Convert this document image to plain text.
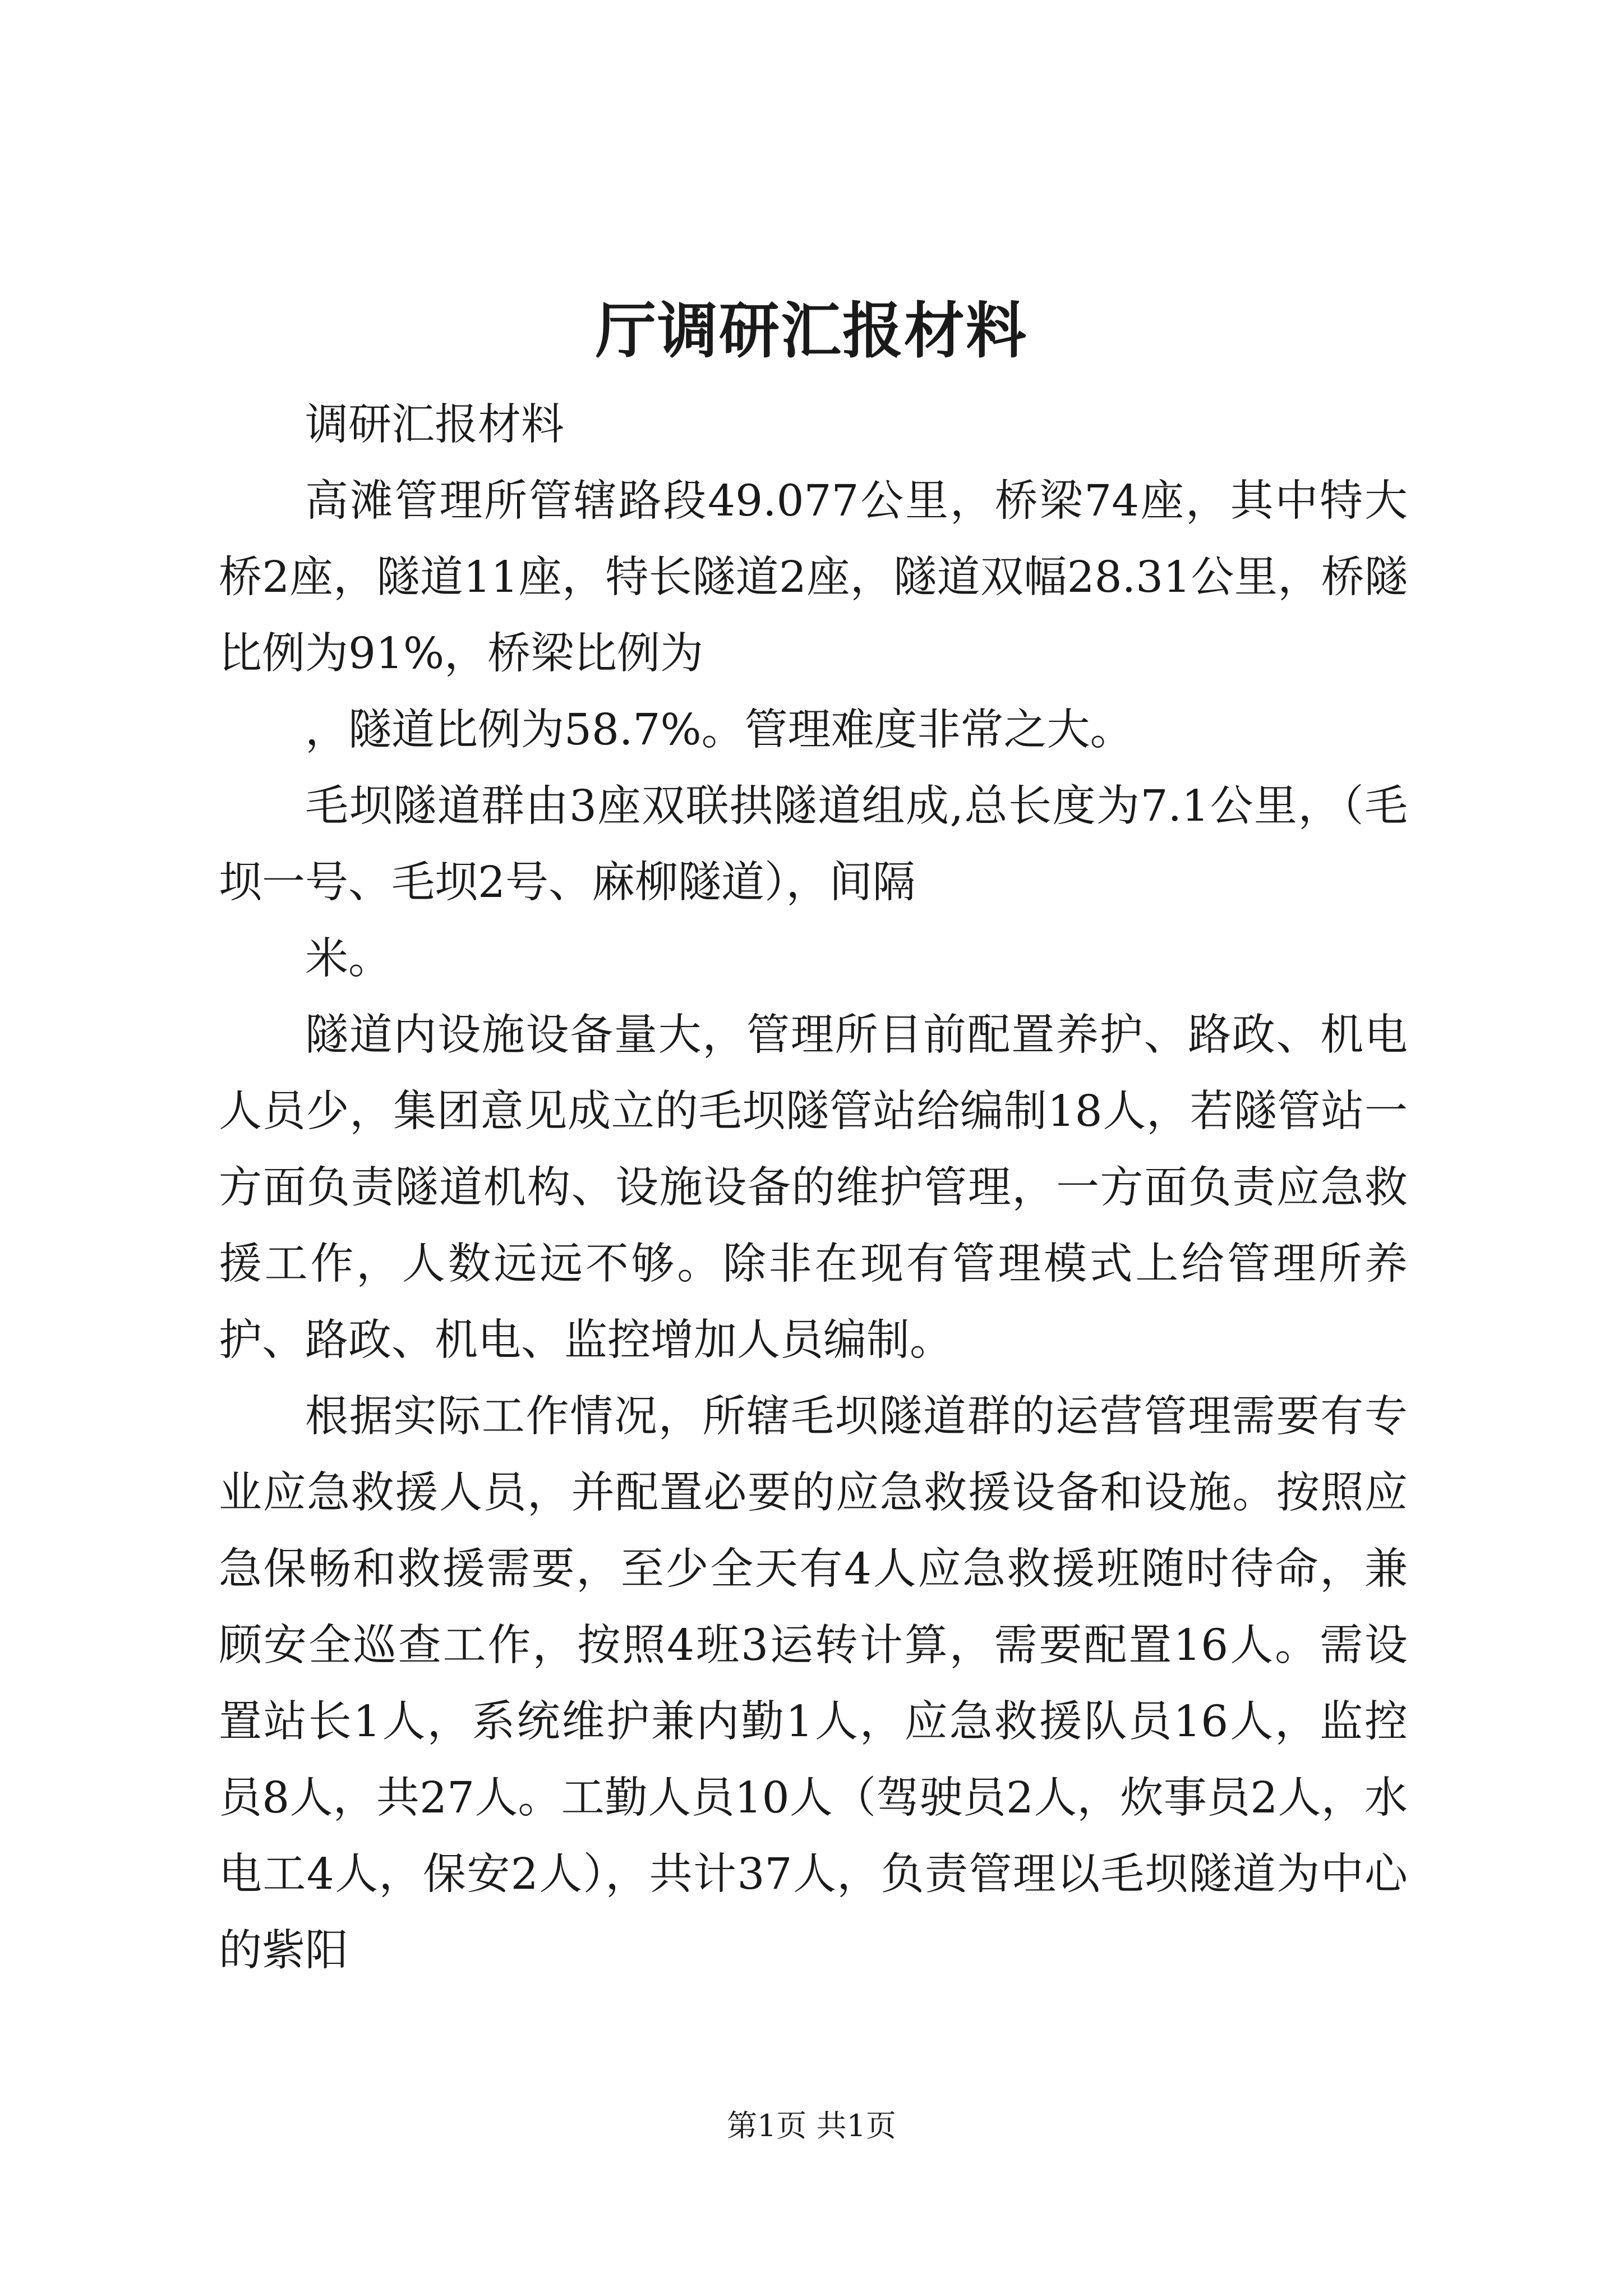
厅调研汇报材料

调研汇报材料

高滩管理所管辖路段49.077公里，桥梁74座，其中特大桥2座，隧道11座，特长隧道2座，隧道双幅28.31公里，桥隧比例为91%，桥梁比例为

，隧道比例为58.7%。管理难度非常之大。

毛坝隧道群由3座双联拱隧道组成,总长度为7.1公里，（毛坝一号、毛坝2号、麻柳隧道），间隔

米。

隧道内设施设备量大，管理所目前配置养护、路政、机电人员少，集团意见成立的毛坝隧管站给编制18人，若隧管站一方面负责隧道机构、设施设备的维护管理，一方面负责应急救援工作，人数远远不够。除非在现有管理模式上给管理所养护、路政、机电、监控增加人员编制。

根据实际工作情况，所辖毛坝隧道群的运营管理需要有专业应急救援人员，并配置必要的应急救援设备和设施。按照应急保畅和救援需要，至少全天有4人应急救援班随时待命，兼顾安全巡查工作，按照4班3运转计算，需要配置16人。需设置站长1人，系统维护兼内勤1人，应急救援队员16人，监控员8人，共27人。工勤人员10人（驾驶员2人，炊事员2人，水电工4人，保安2人），共计37人，负责管理以毛坝隧道为中心的紫阳

第1页 共1页
